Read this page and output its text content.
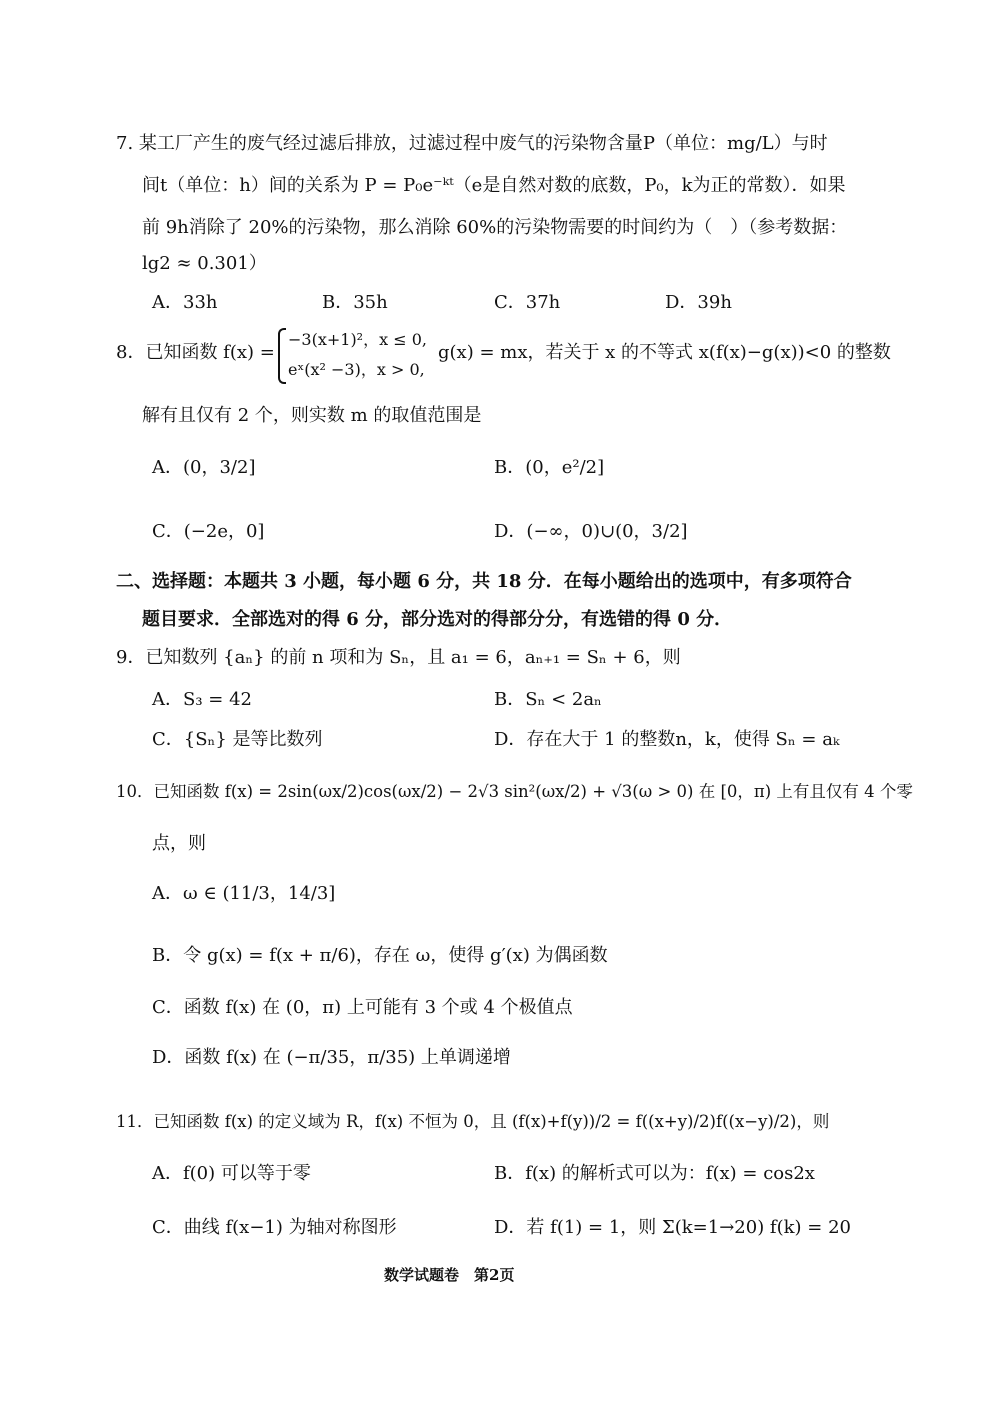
7. 某工厂产生的废气经过滤后排放，过滤过程中废气的污染物含量P（单位：mg/L）与时
间t（单位：h）间的关系为 P = P₀e⁻ᵏᵗ（e是自然对数的底数，P₀，k为正的常数）．如果
前 9h消除了 20%的污染物，那么消除 60%的污染物需要的时间约为（　）（参考数据：
lg2 ≈ 0.301）
A．33h	B．35h	C．37h	D．39h
8．已知函数 f(x) =
−3(x+1)²，x ≤ 0,
eˣ(x² −3)，x > 0,
g(x) = mx，若关于 x 的不等式 x(f(x)−g(x))<0 的整数
解有且仅有 2 个，则实数 m 的取值范围是
A．(0，3/2]	B．(0，e²/2]
C．(−2e，0]	D．(−∞，0)∪(0，3/2]
二、选择题：本题共 3 小题，每小题 6 分，共 18 分．在每小题给出的选项中，有多项符合
题目要求．全部选对的得 6 分，部分选对的得部分分，有选错的得 0 分．
9．已知数列 {aₙ} 的前 n 项和为 Sₙ，且 a₁ = 6，aₙ₊₁ = Sₙ + 6，则
A．S₃ = 42	B．Sₙ < 2aₙ
C．{Sₙ} 是等比数列	D．存在大于 1 的整数n，k，使得 Sₙ = aₖ
10．已知函数 f(x) = 2sin(ωx/2)cos(ωx/2) − 2√3 sin²(ωx/2) + √3(ω > 0) 在 [0，π) 上有且仅有 4 个零
点，则
A．ω ∈ (11/3，14/3]
B．令 g(x) = f(x + π/6)，存在 ω，使得 g′(x) 为偶函数
C．函数 f(x) 在 (0，π) 上可能有 3 个或 4 个极值点
D．函数 f(x) 在 (−π/35，π/35) 上单调递增
11．已知函数 f(x) 的定义域为 R，f(x) 不恒为 0，且 (f(x)+f(y))/2 = f((x+y)/2)f((x−y)/2)，则
A．f(0) 可以等于零	B．f(x) 的解析式可以为：f(x) = cos2x
C．曲线 f(x−1) 为轴对称图形	D．若 f(1) = 1，则 Σ(k=1→20) f(k) = 20
数学试题卷　第2页
